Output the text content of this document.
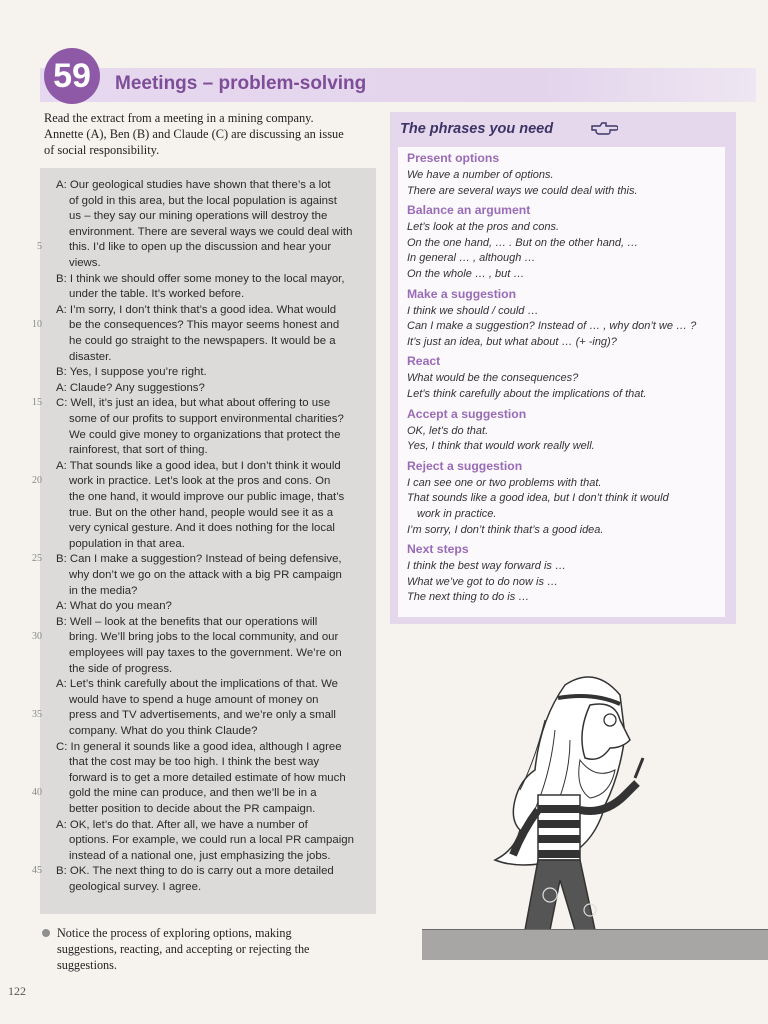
59	Meetings – problem-solving
Read the extract from a meeting in a mining company. Annette (A), Ben (B) and Claude (C) are discussing an issue of social responsibility.
A: Our geological studies have shown that there’s a lot
of gold in this area, but the local population is against
us – they say our mining operations will destroy the
environment. There are several ways we could deal with
this. I’d like to open up the discussion and hear your
5
views.
B: I think we should offer some money to the local mayor,
under the table. It’s worked before.
A: I’m sorry, I don’t think that’s a good idea. What would
be the consequences? This mayor seems honest and
10
he could go straight to the newspapers. It would be a
disaster.
B: Yes, I suppose you’re right.
A: Claude? Any suggestions?
C: Well, it’s just an idea, but what about offering to use
15
some of our profits to support environmental charities?
We could give money to organizations that protect the
rainforest, that sort of thing.
A: That sounds like a good idea, but I don’t think it would
work in practice. Let’s look at the pros and cons. On
20
the one hand, it would improve our public image, that’s
true. But on the other hand, people would see it as a
very cynical gesture. And it does nothing for the local
population in that area.
B: Can I make a suggestion? Instead of being defensive,
25
why don’t we go on the attack with a big PR campaign
in the media?
A: What do you mean?
B: Well – look at the benefits that our operations will
bring. We’ll bring jobs to the local community, and our
30
employees will pay taxes to the government. We’re on
the side of progress.
A: Let’s think carefully about the implications of that. We
would have to spend a huge amount of money on
press and TV advertisements, and we’re only a small
35
company. What do you think Claude?
C: In general it sounds like a good idea, although I agree
that the cost may be too high. I think the best way
forward is to get a more detailed estimate of how much
gold the mine can produce, and then we’ll be in a
40
better position to decide about the PR campaign.
A: OK, let’s do that. After all, we have a number of
options. For example, we could run a local PR campaign
instead of a national one, just emphasizing the jobs.
B: OK. The next thing to do is carry out a more detailed
45
geological survey. I agree.
Notice the process of exploring options, making suggestions, reacting, and accepting or rejecting the suggestions.
122
The phrases you need
Present options
We have a number of options.
There are several ways we could deal with this.
Balance an argument
Let’s look at the pros and cons.
On the one hand, … . But on the other hand, …
In general … , although …
On the whole … , but …
Make a suggestion
I think we should / could …
Can I make a suggestion? Instead of … , why don’t we … ?
It’s just an idea, but what about … (+ -ing)?
React
What would be the consequences?
Let’s think carefully about the implications of that.
Accept a suggestion
OK, let’s do that.
Yes, I think that would work really well.
Reject a suggestion
I can see one or two problems with that.
That sounds like a good idea, but I don’t think it would
work in practice.
I’m sorry, I don’t think that’s a good idea.
Next steps
I think the best way forward is …
What we’ve got to do now is …
The next thing to do is …
